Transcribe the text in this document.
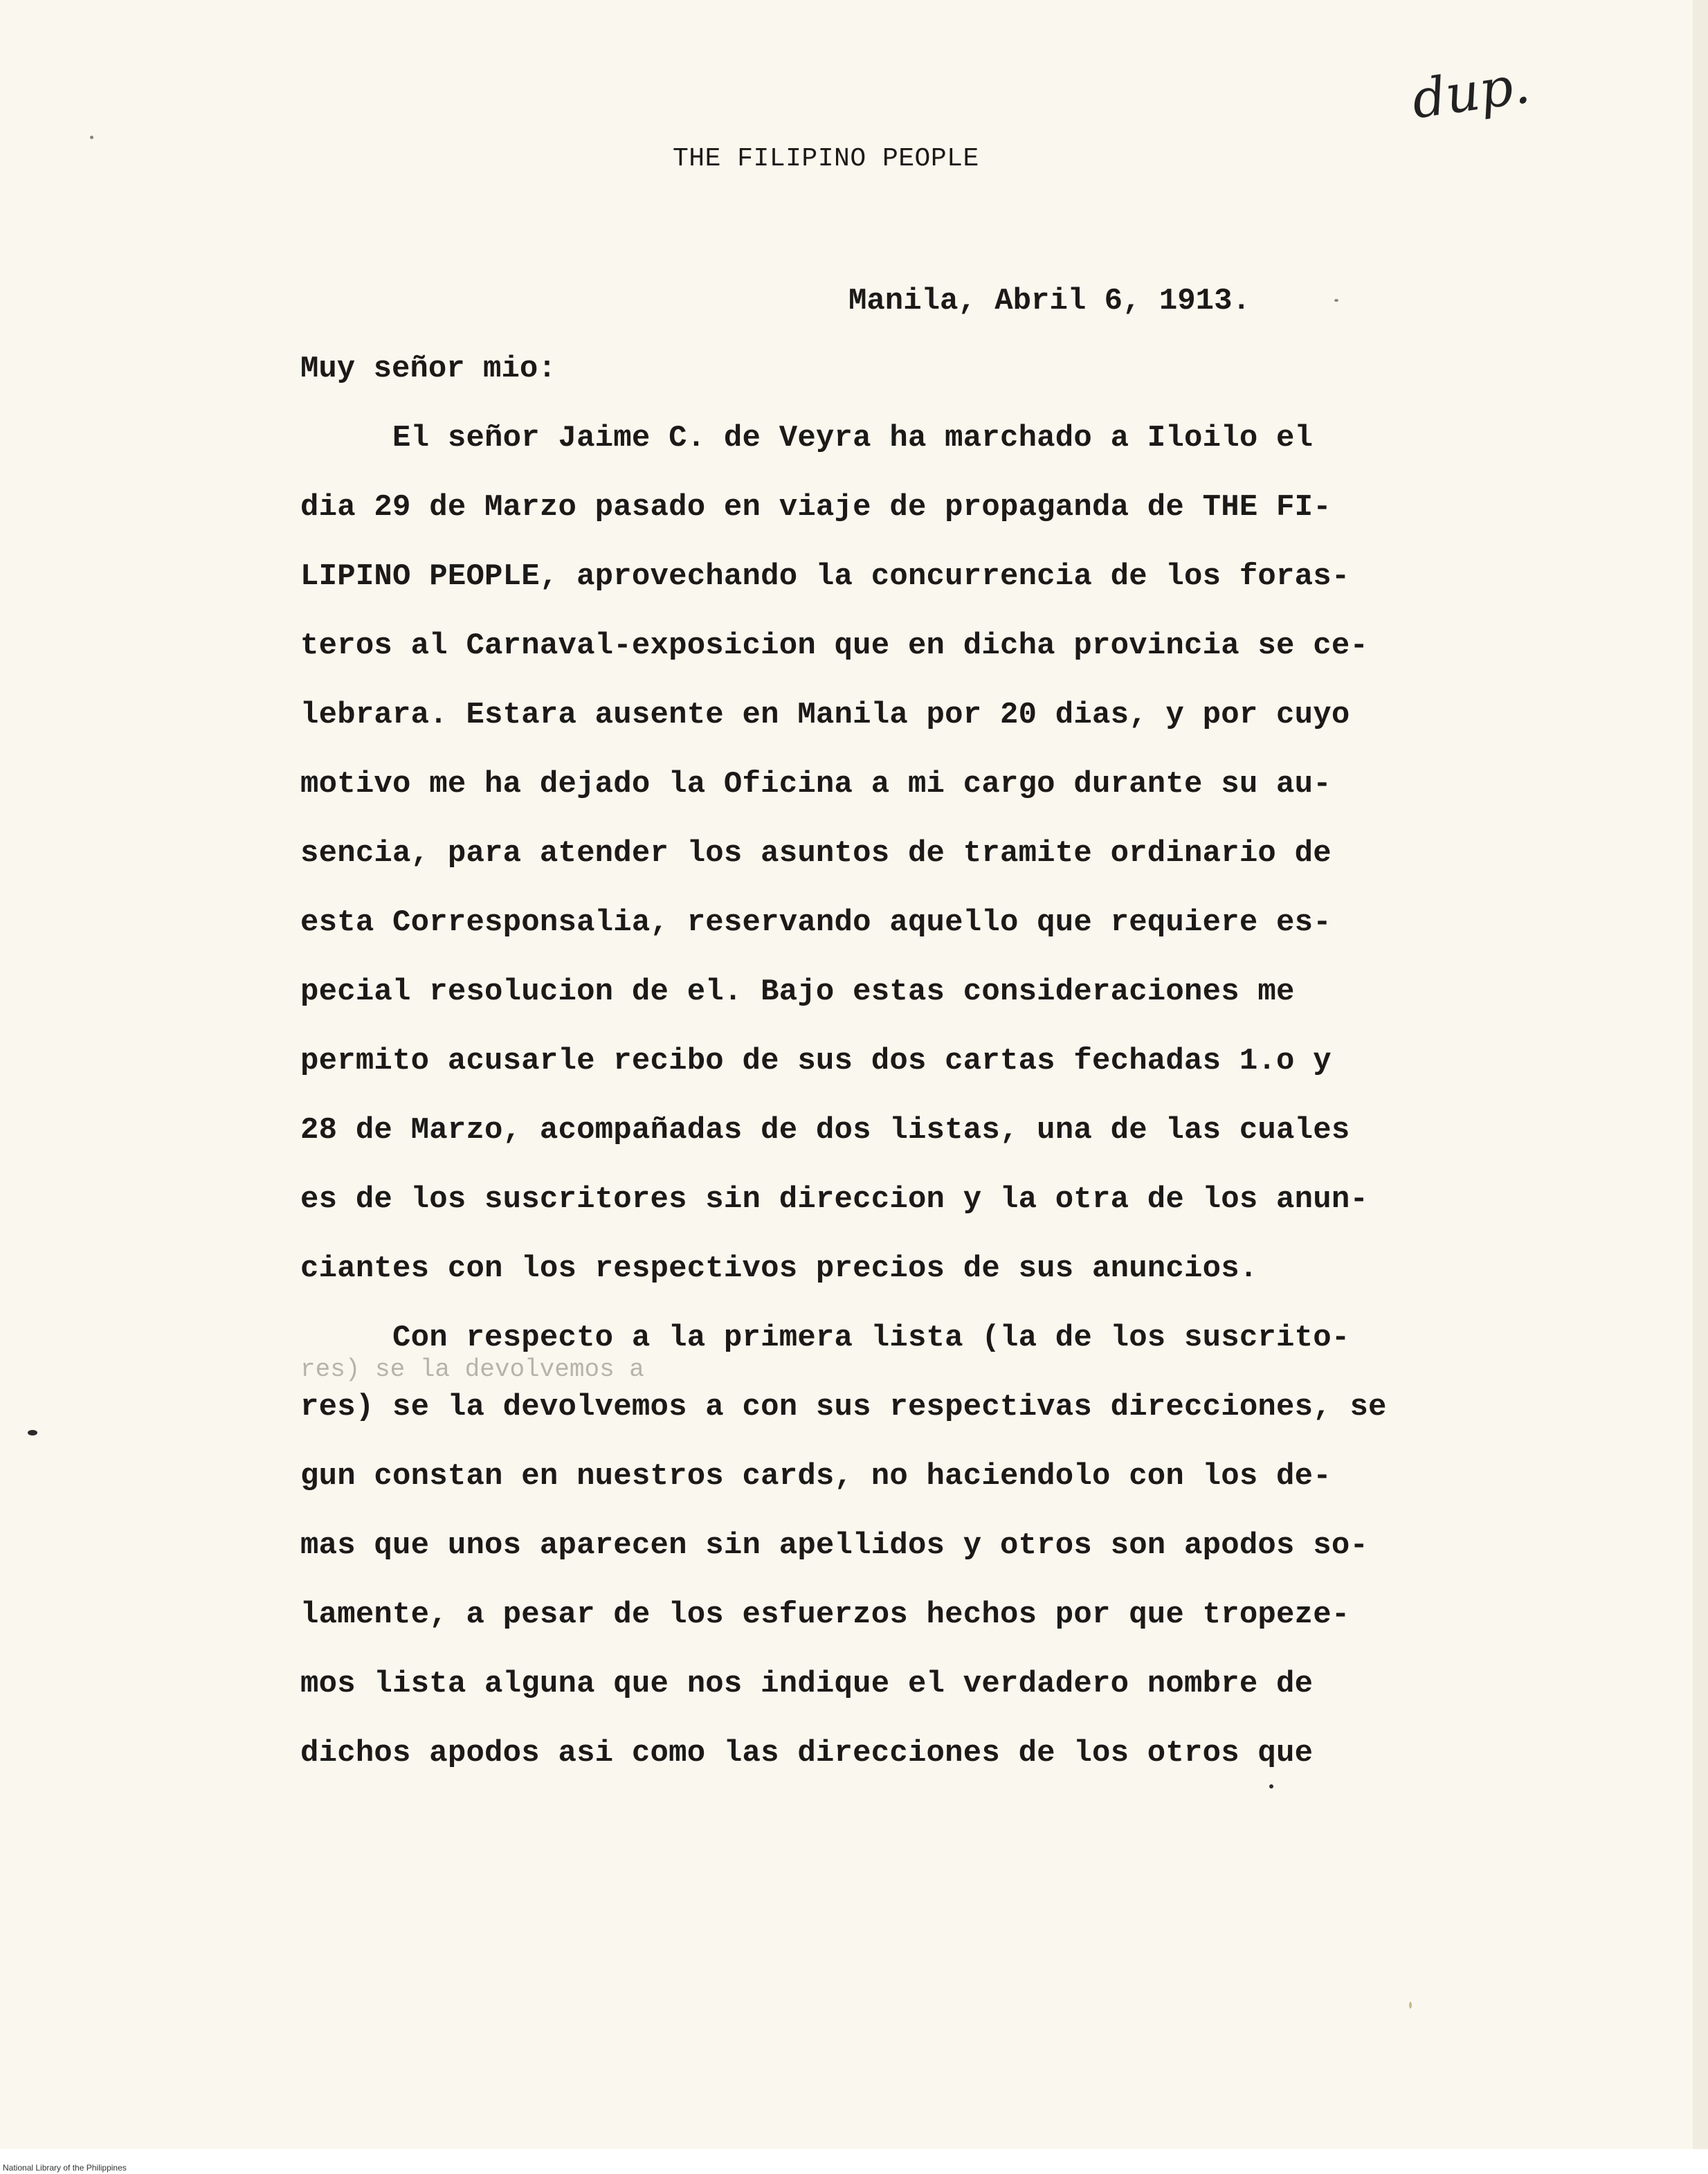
dup.
THE FILIPINO PEOPLE
Manila, Abril 6, 1913.
Muy señor mio:
El señor Jaime C. de Veyra ha marchado a Iloilo el
dia 29 de Marzo pasado en viaje de propaganda de THE FI-
LIPINO PEOPLE, aprovechando la concurrencia de los foras-
teros al Carnaval-exposicion que en dicha provincia se ce-
lebrara. Estara ausente en Manila por 20 dias, y por cuyo
motivo me ha dejado la Oficina a mi cargo durante su au-
sencia, para atender los asuntos de tramite ordinario de
esta Corresponsalia, reservando aquello que requiere es-
pecial resolucion de el. Bajo estas consideraciones me
permito acusarle recibo de sus dos cartas fechadas 1.o y
28 de Marzo, acompañadas de dos listas, una de las cuales
es de los suscritores sin direccion y la otra de los anun-
ciantes con los respectivos precios de sus anuncios.
Con respecto a la primera lista (la de los suscrito-
res) se la devolvemos a
res) se la devolvemos a con sus respectivas direcciones, se
gun constan en nuestros cards, no haciendolo con los de-
mas que unos aparecen sin apellidos y otros son apodos so-
lamente, a pesar de los esfuerzos hechos por que tropeze-
mos lista alguna que nos indique el verdadero nombre de
dichos apodos asi como las direcciones de los otros que
National Library of the Philippines
